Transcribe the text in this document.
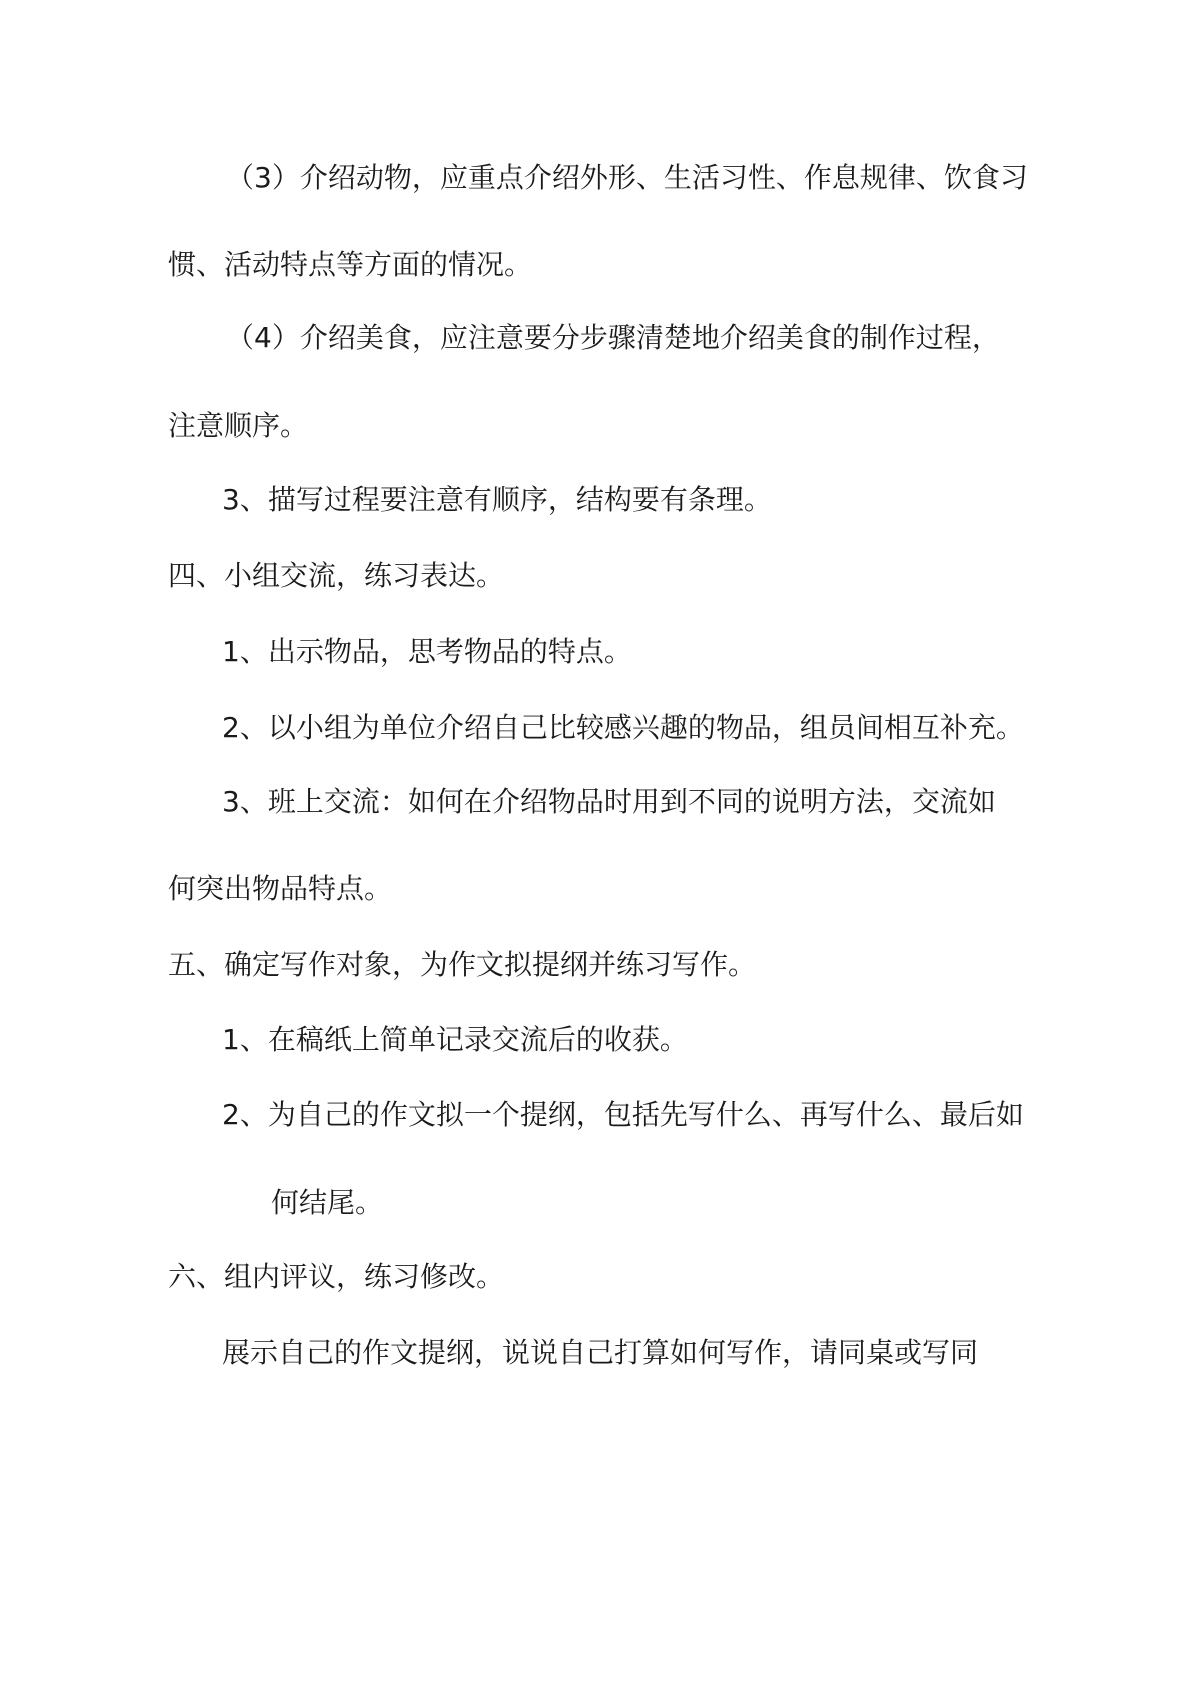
（3）介绍动物，应重点介绍外形、生活习性、作息规律、饮食习
惯、活动特点等方面的情况。
（4）介绍美食，应注意要分步骤清楚地介绍美食的制作过程，
注意顺序。
3、描写过程要注意有顺序，结构要有条理。
四、小组交流，练习表达。
1、出示物品，思考物品的特点。
2、以小组为单位介绍自己比较感兴趣的物品，组员间相互补充。
3、班上交流：如何在介绍物品时用到不同的说明方法，交流如
何突出物品特点。
五、确定写作对象，为作文拟提纲并练习写作。
1、在稿纸上简单记录交流后的收获。
2、为自己的作文拟一个提纲，包括先写什么、再写什么、最后如
何结尾。
六、组内评议，练习修改。
展示自己的作文提纲，说说自己打算如何写作，请同桌或写同
